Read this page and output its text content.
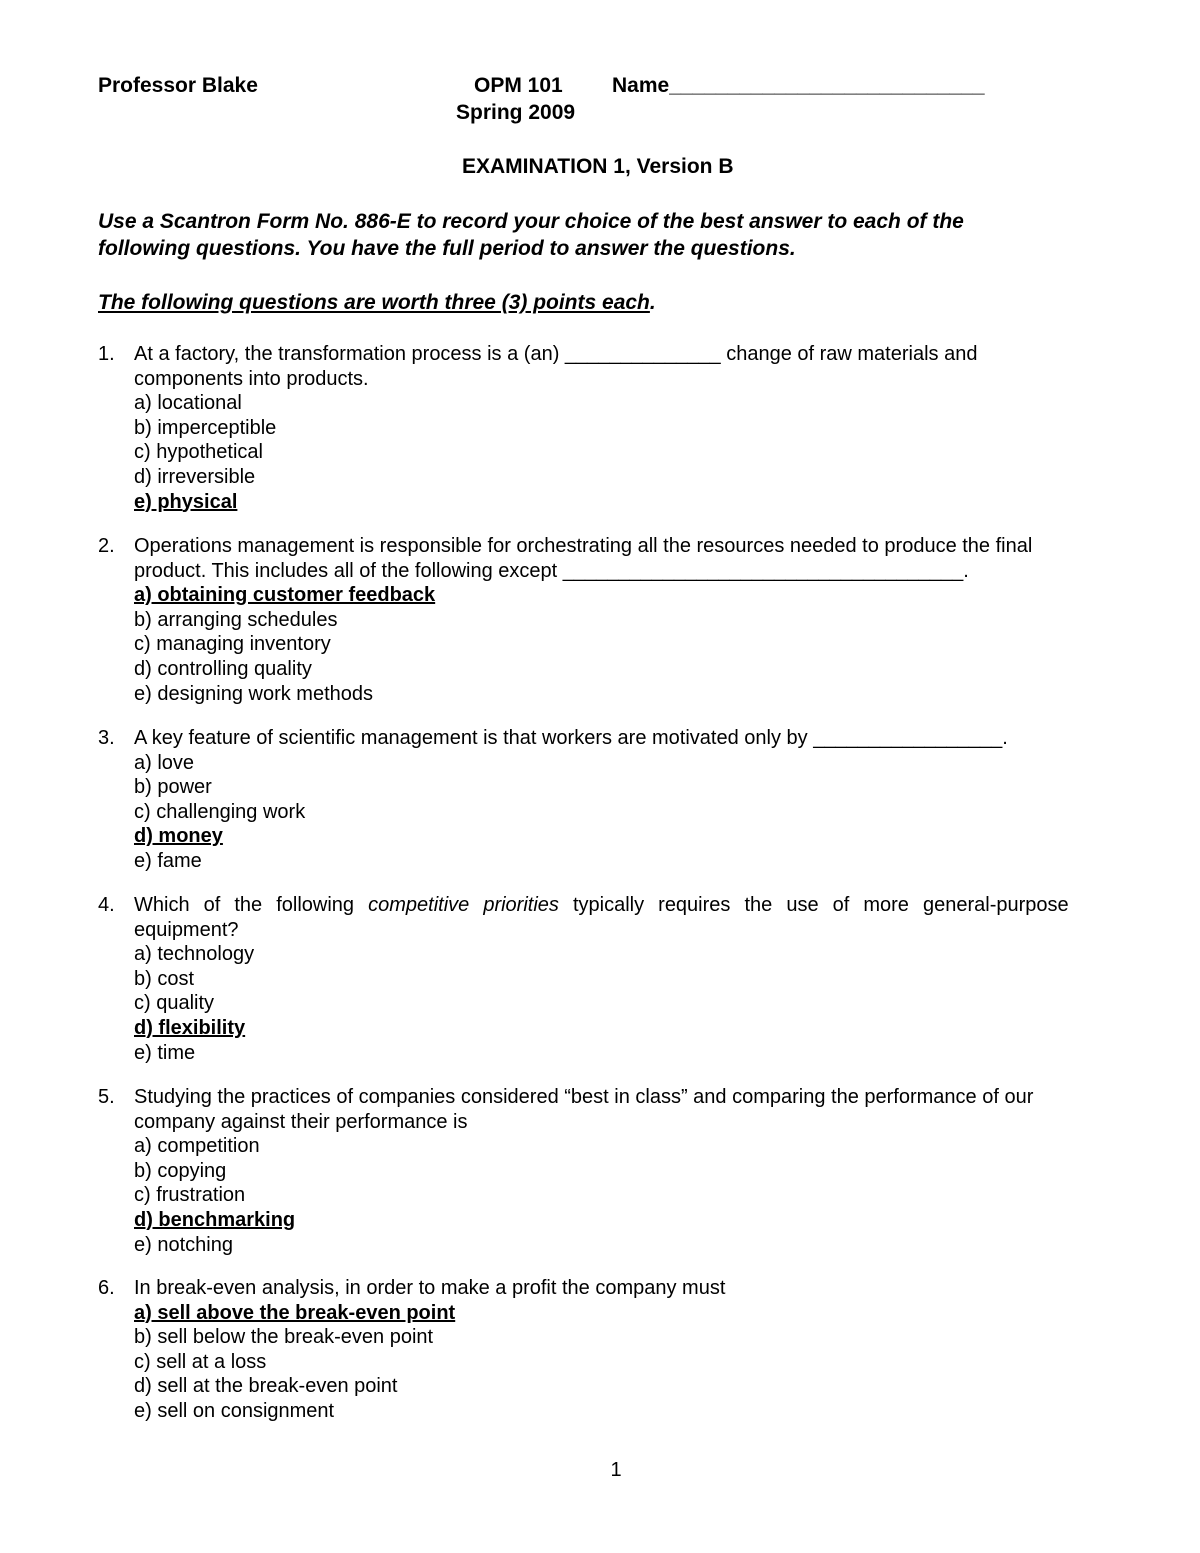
Professor Blake	OPM 101 Name___________________________
Spring 2009
EXAMINATION 1, Version B
Use a Scantron Form No. 886-E to record your choice of the best answer to each of the
following questions. You have the full period to answer the questions.
The following questions are worth three (3) points each.
1. At a factory, the transformation process is a (an) ______________ change of raw materials and
components into products.
a) locational
b) imperceptible
c) hypothetical
d) irreversible
e) physical
2. Operations management is responsible for orchestrating all the resources needed to produce the final
product. This includes all of the following except ____________________________________.
a) obtaining customer feedback
b) arranging schedules
c) managing inventory
d) controlling quality
e) designing work methods
3. A key feature of scientific management is that workers are motivated only by _________________.
a) love
b) power
c) challenging work
d) money
e) fame
4. Which of the following competitive priorities typically requires the use of more general-purpose
equipment?
a) technology
b) cost
c) quality
d) flexibility
e) time
5. Studying the practices of companies considered “best in class” and comparing the performance of our
company against their performance is
a) competition
b) copying
c) frustration
d) benchmarking
e) notching
6. In break-even analysis, in order to make a profit the company must
a) sell above the break-even point
b) sell below the break-even point
c) sell at a loss
d) sell at the break-even point
e) sell on consignment
1
